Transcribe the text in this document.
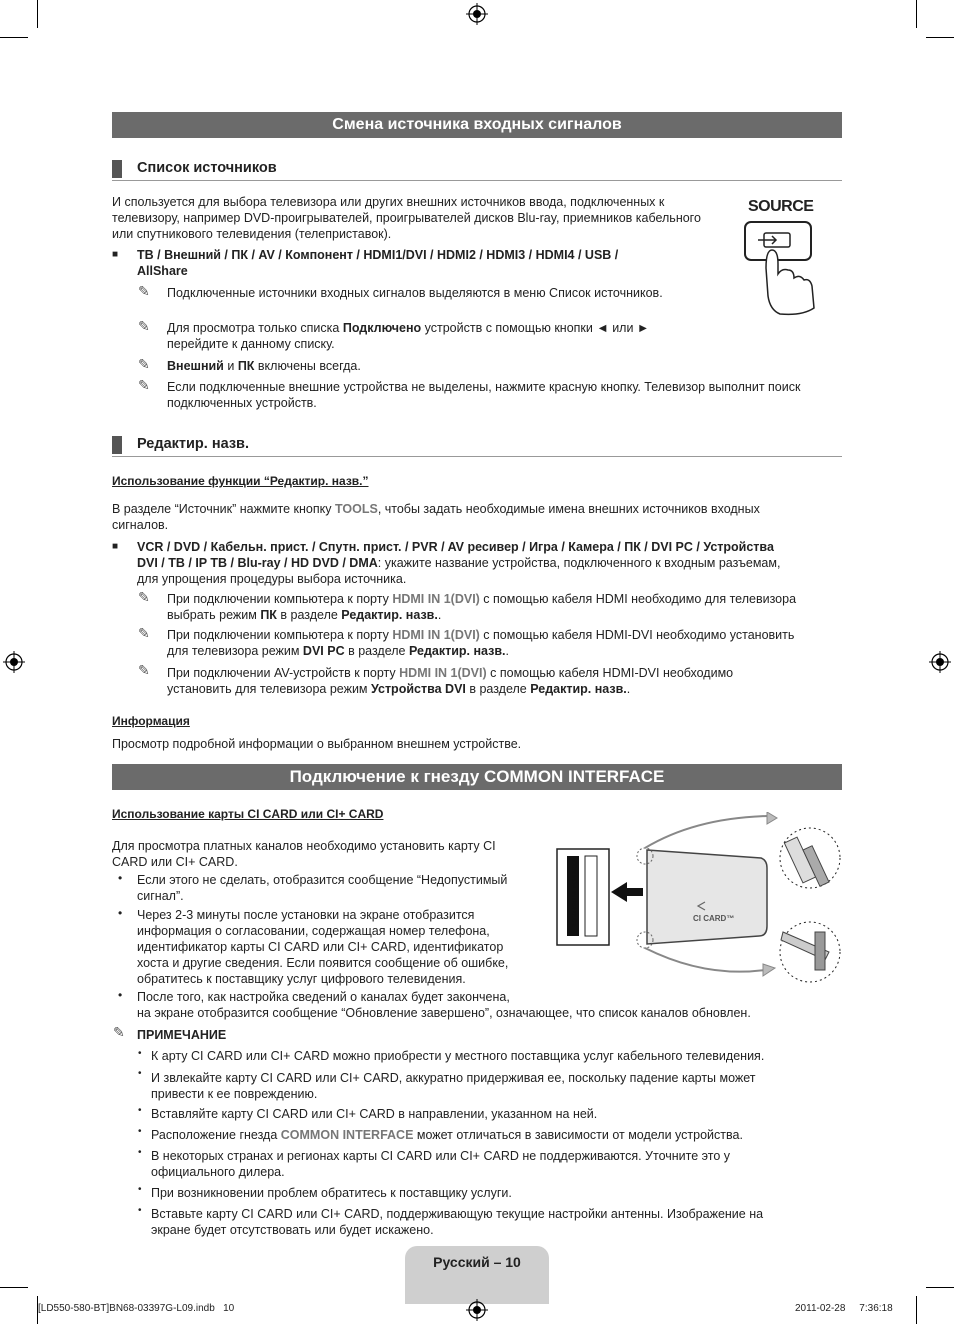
Смена источника входных сигналов
Список источников
И спользуется для выбора телевизора или других внешних источников ввода, подключенных к телевизору, например DVD-проигрывателей, проигрывателей дисков Blu-ray, приемников кабельного или спутникового телевидения (телеприставок).
SOURCE
■ ТВ / Внешний / ПК / AV / Компонент / HDMI1/DVI / HDMI2 / HDMI3 / HDMI4 / USB /
AllShare
✎ Подключенные источники входных сигналов выделяются в меню Список источников.
✎ Для просмотра только списка Подключено устройств с помощью кнопки ◄ или ►
перейдите к данному списку.
✎ Внешний и ПК включены всегда.
✎ Если подключенные внешние устройства не выделены, нажмите красную кнопку. Телевизор выполнит поиск подключенных устройств.
Редактир. назв.
Использование функции “Редактир. назв.”
В разделе “Источник” нажмите кнопку TOOLS, чтобы задать необходимые имена внешних источников входных сигналов.
■ VCR / DVD / Кабельн. прист. / Спутн. прист. / PVR / AV ресивер / Игра / Камера / ПК / DVI PC / Устройства
DVI / ТВ / IP TB / Blu-ray / HD DVD / DMA: укажите название устройства, подключенного к входным разъемам,
для упрощения процедуры выбора источника.
✎ При подключении компьютера к порту HDMI IN 1(DVI) с помощью кабеля HDMI необходимо для телевизора
выбрать режим ПК в разделе Редактир. назв..
✎ При подключении компьютера к порту HDMI IN 1(DVI) с помощью кабеля HDMI-DVI необходимо установить
для телевизора режим DVI PC в разделе Редактир. назв..
✎ При подключении AV-устройств к порту HDMI IN 1(DVI) с помощью кабеля HDMI-DVI необходимо
установить для телевизора режим Устройства DVI в разделе Редактир. назв..
Информация
Просмотр подробной информации о выбранном внешнем устройстве.
Подключение к гнезду COMMON INTERFACE
Использование карты CI CARD или CI+ CARD
Для просмотра платных каналов необходимо установить карту CI
CARD или CI+ CARD.
• Если этого не сделать, отобразится сообщение “Недопустимый
сигнал”.
• Через 2-3 минуты после установки на экране отобразится
информация о согласовании, содержащая номер телефона,
идентификатор карты CI CARD или CI+ CARD, идентификатор
хоста и другие сведения. Если появится сообщение об ошибке,
обратитесь к поставщику услуг цифрового телевидения.
• После того, как настройка сведений о каналах будет закончена,
на экране отобразится сообщение “Обновление завершено”, означающее, что список каналов обновлен.
COMMON INTERFACE	CI CARD™
✎ ПРИМЕЧАНИЕ
• К арту CI CARD или CI+ CARD можно приобрести у местного поставщика услуг кабельного телевидения.
• И звлекайте карту CI CARD или CI+ CARD, аккуратно придерживая ее, поскольку падение карты может
привести к ее повреждению.
• Вставляйте карту CI CARD или CI+ CARD в направлении, указанном на ней.
• Расположение гнезда COMMON INTERFACE может отличаться в зависимости от модели устройства.
• В некоторых странах и регионах карты CI CARD или CI+ CARD не поддерживаются. Уточните это у
официального дилера.
• При возникновении проблем обратитесь к поставщику услуги.
• Вставьте карту CI CARD или CI+ CARD, поддерживающую текущие настройки антенны. Изображение на
экране будет отсутствовать или будет искажено.
Русский – 10
[LD550-580-BT]BN68-03397G-L09.indb   10	2011-02-28     7:36:18
